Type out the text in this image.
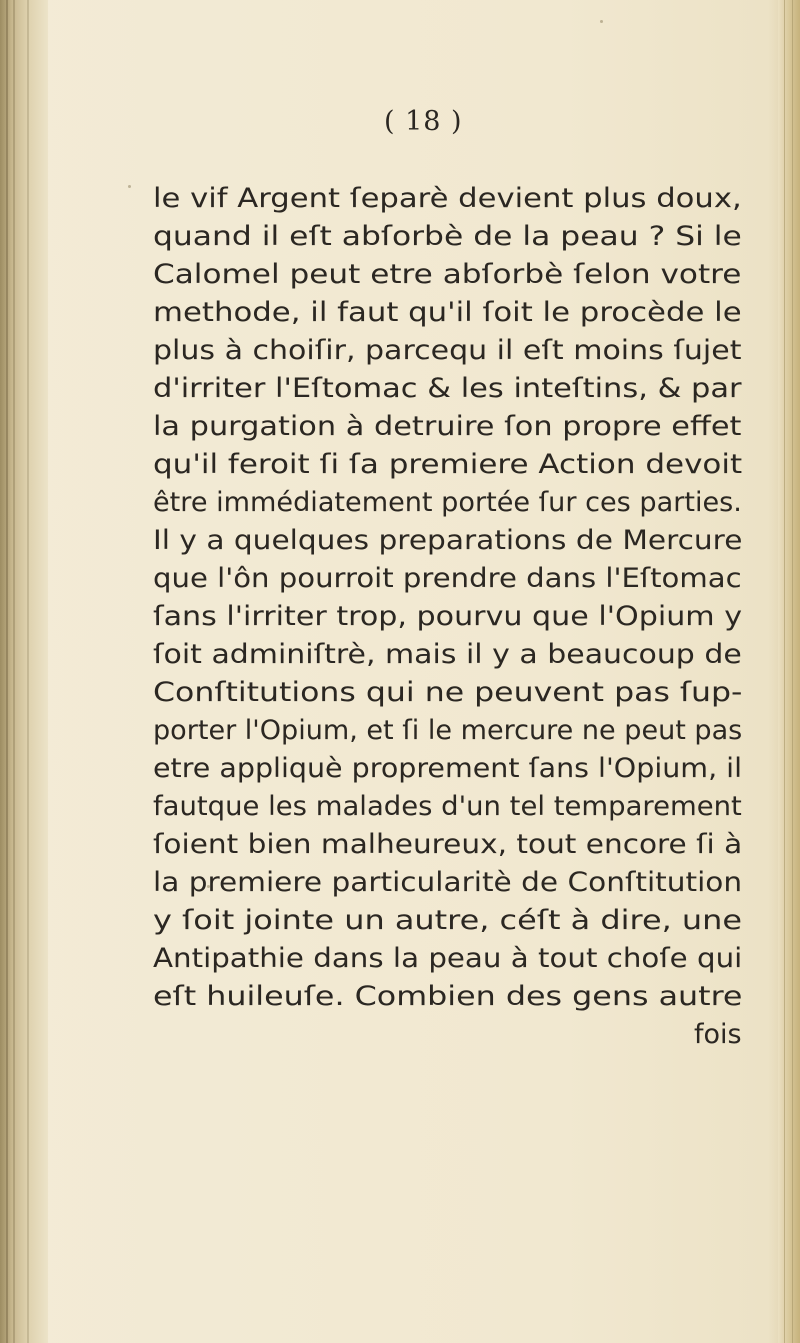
( 18 )
le vif Argent ſeparè devient plus doux,
quand il eſt abſorbè de la peau ? Si le
Calomel peut etre abſorbè ſelon votre
methode, il faut qu'il ſoit le procède le
plus à choiſir, parcequ il eſt moins ſujet
d'irriter l'Eſtomac & les inteſtins, & par
la purgation à detruire ſon propre effet
qu'il feroit ſi ſa premiere Action devoit
être immédiatement portée ſur ces parties.
Il y a quelques preparations de Mercure
que l'ôn pourroit prendre dans l'Eſtomac
ſans l'irriter trop, pourvu que l'Opium y
ſoit adminiſtrè, mais il y a beaucoup de
Conſtitutions qui ne peuvent pas ſup-
porter l'Opium, et ſi le mercure ne peut pas
etre appliquè proprement ſans l'Opium, il
fautque les malades d'un tel temparement
ſoient bien malheureux, tout encore ſi à
la premiere particularitè de Conſtitution
y ſoit jointe un autre, céſt à dire, une
Antipathie dans la peau à tout choſe qui
eſt huileuſe. Combien des gens autre
fois
